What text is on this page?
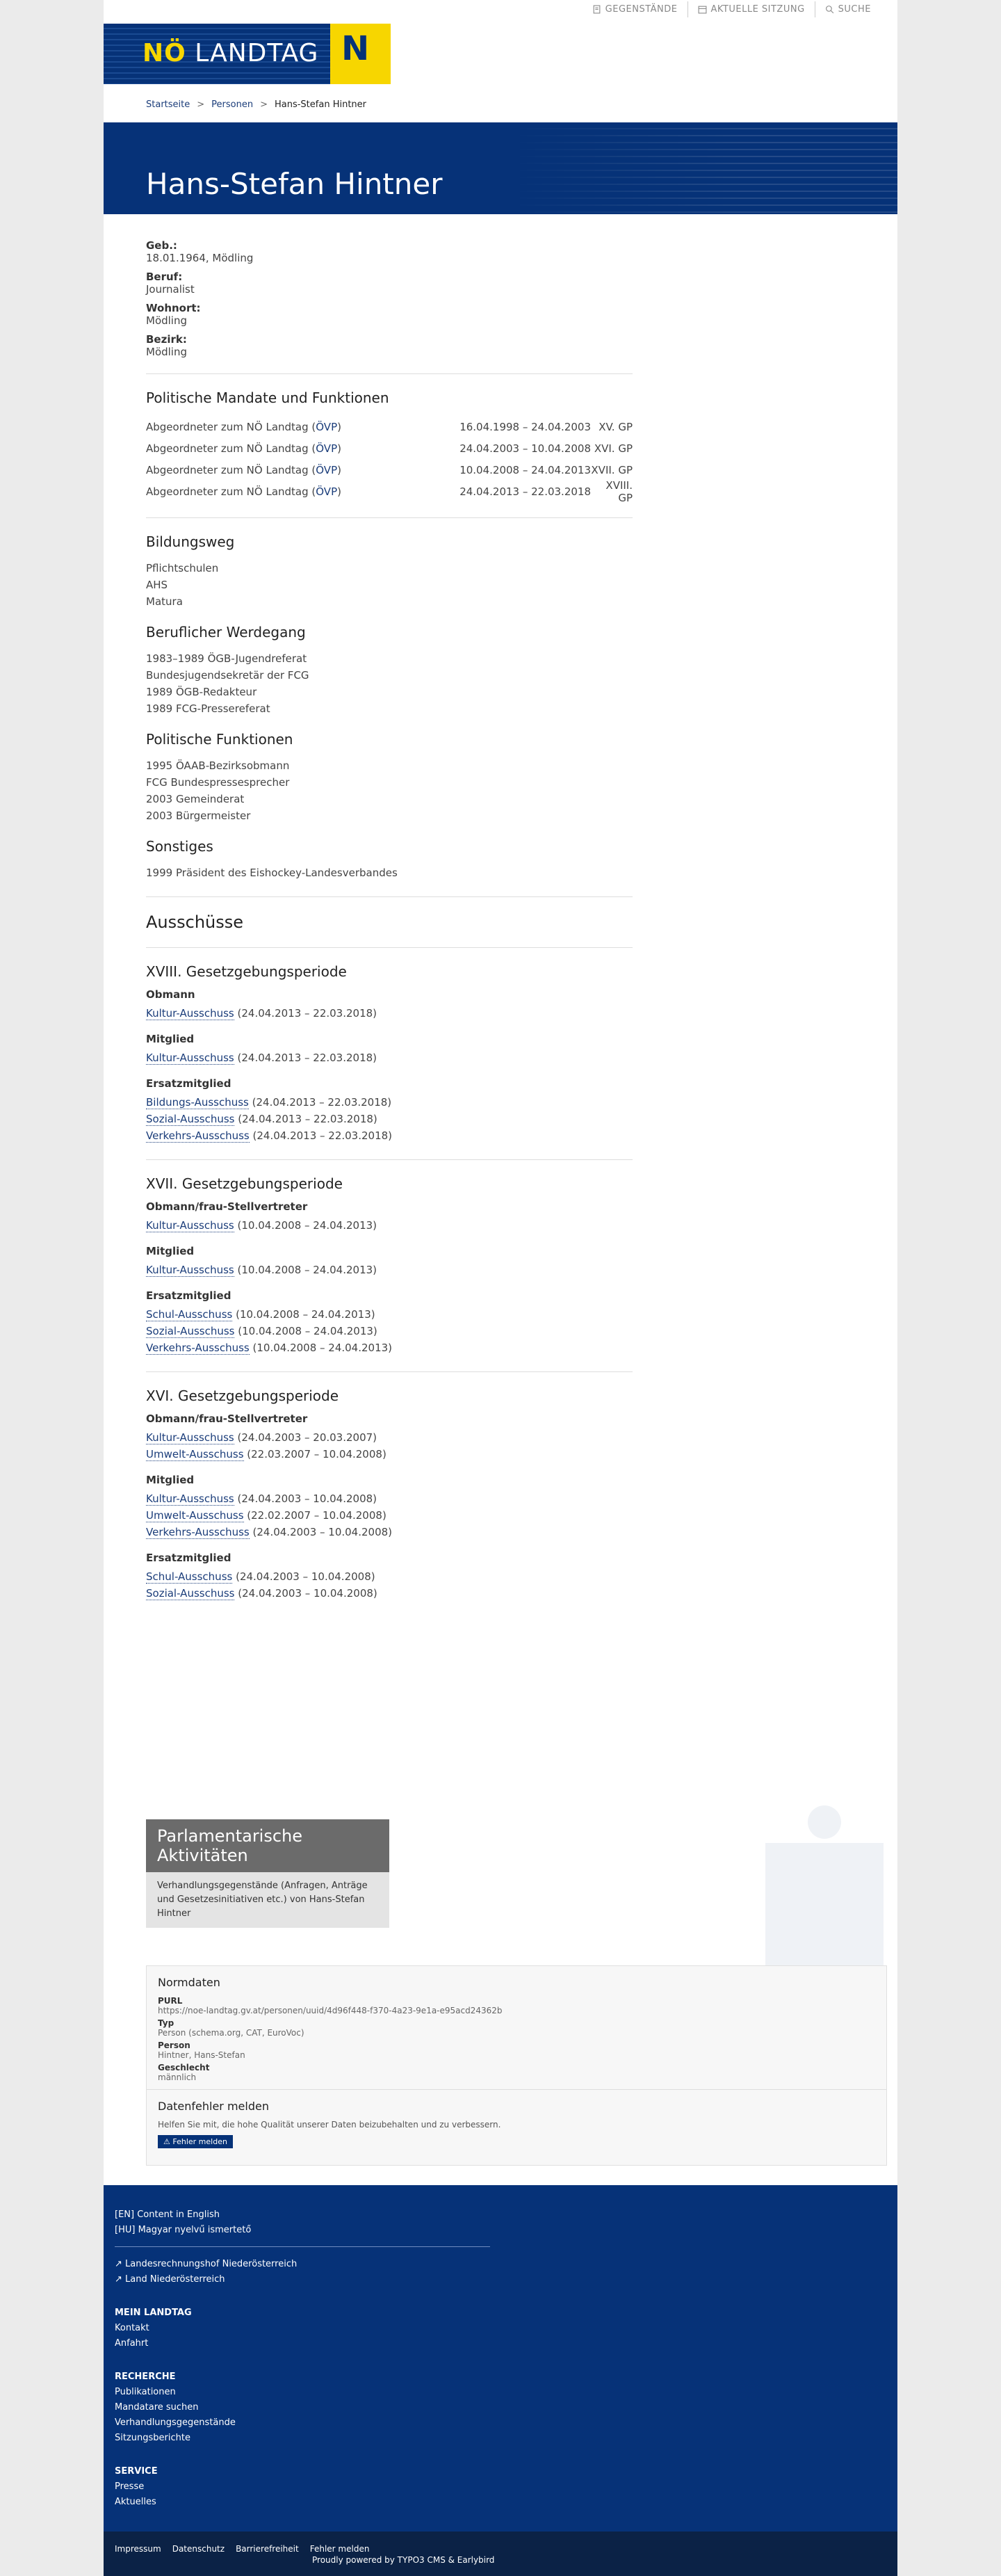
GEGENSTÄNDE	AKTUELLE SITZUNG	SUCHE
NÖ LANDTAG N
Startseite > Personen > Hans-Stefan Hintner
Hans-Stefan Hintner
Geb.:
18.01.1964, Mödling
Beruf:
Journalist
Wohnort:
Mödling
Bezirk:
Mödling
Politische Mandate und Funktionen
Abgeordneter zum NÖ Landtag (ÖVP)	16.04.1998 – 24.04.2003 XV. GP
Abgeordneter zum NÖ Landtag (ÖVP)	24.04.2003 – 10.04.2008 XVI. GP
Abgeordneter zum NÖ Landtag (ÖVP)	10.04.2008 – 24.04.2013 XVII. GP
Abgeordneter zum NÖ Landtag (ÖVP)	24.04.2013 – 22.03.2018	XVIII. GP
Bildungsweg
Pflichtschulen
AHS
Matura
Beruflicher Werdegang
1983–1989 ÖGB-Jugendreferat
Bundesjugendsekretär der FCG
1989 ÖGB-Redakteur
1989 FCG-Pressereferat
Politische Funktionen
1995 ÖAAB-Bezirksobmann
FCG Bundespressesprecher
2003 Gemeinderat
2003 Bürgermeister
Sonstiges
1999 Präsident des Eishockey-Landesverbandes
Ausschüsse
XVIII. Gesetzgebungsperiode
Obmann
Kultur-Ausschuss (24.04.2013 – 22.03.2018)
Mitglied
Kultur-Ausschuss (24.04.2013 – 22.03.2018)
Ersatzmitglied
Bildungs-Ausschuss (24.04.2013 – 22.03.2018)
Sozial-Ausschuss (24.04.2013 – 22.03.2018)
Verkehrs-Ausschuss (24.04.2013 – 22.03.2018)
XVII. Gesetzgebungsperiode
Obmann/frau-Stellvertreter
Kultur-Ausschuss (10.04.2008 – 24.04.2013)
Mitglied
Kultur-Ausschuss (10.04.2008 – 24.04.2013)
Ersatzmitglied
Schul-Ausschuss (10.04.2008 – 24.04.2013)
Sozial-Ausschuss (10.04.2008 – 24.04.2013)
Verkehrs-Ausschuss (10.04.2008 – 24.04.2013)
XVI. Gesetzgebungsperiode
Obmann/frau-Stellvertreter
Kultur-Ausschuss (24.04.2003 – 20.03.2007)
Umwelt-Ausschuss (22.03.2007 – 10.04.2008)
Mitglied
Kultur-Ausschuss (24.04.2003 – 10.04.2008)
Umwelt-Ausschuss (22.02.2007 – 10.04.2008)
Verkehrs-Ausschuss (24.04.2003 – 10.04.2008)
Ersatzmitglied
Schul-Ausschuss (24.04.2003 – 10.04.2008)
Sozial-Ausschuss (24.04.2003 – 10.04.2008)
Parlamentarische Aktivitäten
Verhandlungsgegenstände (Anfragen, Anträge und Gesetzesinitiativen etc.) von Hans-Stefan Hintner
Normdaten
PURL
https://noe-landtag.gv.at/personen/uuid/4d96f448-f370-4a23-9e1a-e95acd24362b
Typ
Person (schema.org, CAT, EuroVoc)
Person
Hintner, Hans-Stefan
Geschlecht
männlich
Datenfehler melden
Helfen Sie mit, die hohe Qualität unserer Daten beizubehalten und zu verbessern.
⚠ Fehler melden
[EN] Content in English
[HU] Magyar nyelvű ismertető
↗ Landesrechnungshof Niederösterreich
↗ Land Niederösterreich
MEIN LANDTAG
Kontakt
Anfahrt
RECHERCHE
Publikationen
Mandatare suchen
Verhandlungsgegenstände
Sitzungsberichte
SERVICE
Presse
Aktuelles
Impressum Datenschutz Barrierefreiheit Fehler melden
Proudly powered by TYPO3 CMS & Earlybird
